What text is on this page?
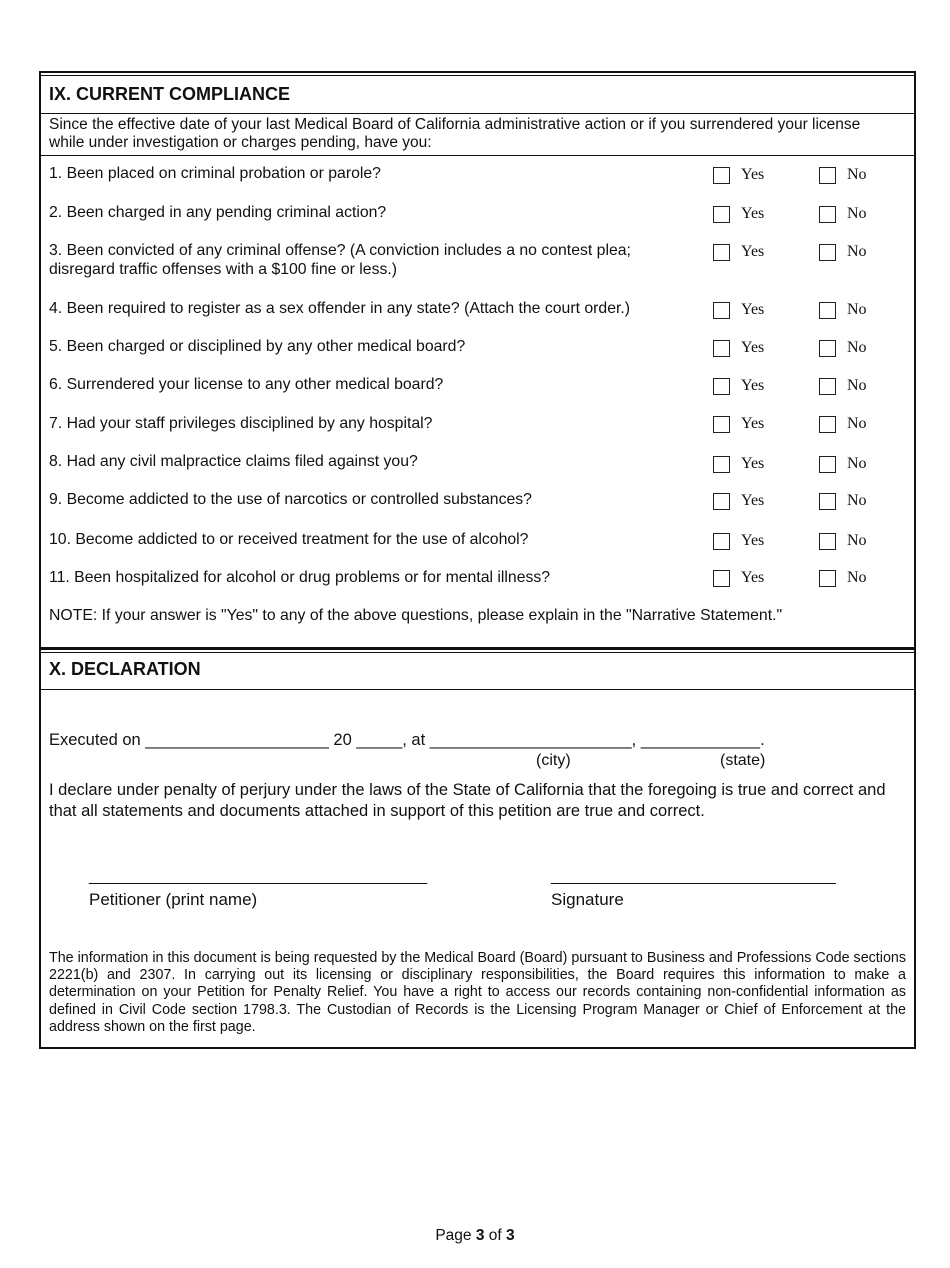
IX. CURRENT COMPLIANCE
Since the effective date of your last Medical Board of California administrative action or if you surrendered your license while under investigation or charges pending, have you:
1. Been placed on criminal probation or parole?	Yes	No
2. Been charged in any pending criminal action?	Yes	No
3. Been convicted of any criminal offense? (A conviction includes a no contest plea; disregard traffic offenses with a $100 fine or less.)
Yes	No
4. Been required to register as a sex offender in any state? (Attach the court order.)	Yes	No
5. Been charged or disciplined by any other medical board?	Yes	No
6. Surrendered your license to any other medical board?	Yes	No
7. Had your staff privileges disciplined by any hospital?	Yes	No
8. Had any civil malpractice claims filed against you?	Yes	No
9. Become addicted to the use of narcotics or controlled substances?	Yes	No
10. Become addicted to or received treatment for the use of alcohol?	Yes	No
11. Been hospitalized for alcohol or drug problems or for mental illness?	Yes	No
NOTE: If your answer is "Yes" to any of the above questions, please explain in the "Narrative Statement."
X. DECLARATION
Executed on ____________________ 20 _____, at ______________________, _____________.
(city)	(state)
I declare under penalty of perjury under the laws of the State of California that the foregoing is true and correct and that all statements and documents attached in support of this petition are true and correct.
______________________________________	________________________________
Petitioner (print name)	Signature
The information in this document is being requested by the Medical Board (Board) pursuant to Business and Professions Code sections 2221(b) and 2307. In carrying out its licensing or disciplinary responsibilities, the Board requires this information to make a determination on your Petition for Penalty Relief. You have a right to access our records containing non-confidential information as defined in Civil Code section 1798.3. The Custodian of Records is the Licensing Program Manager or Chief of Enforcement at the address shown on the first page.
Page 3 of 3
